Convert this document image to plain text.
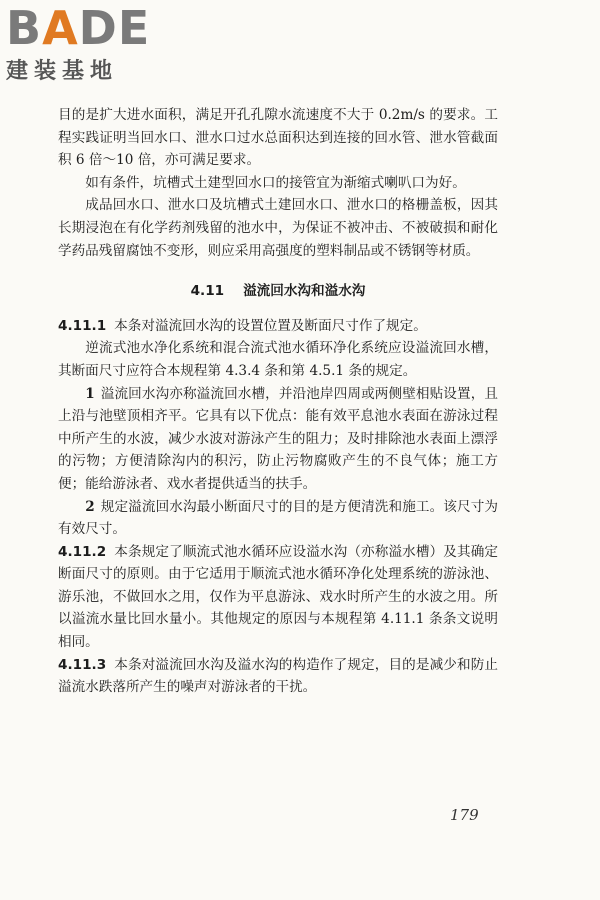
BADE
建装基地

目的是扩大进水面积，满足开孔孔隙水流速度不大于 0.2m/s 的要求。工程实践证明当回水口、泄水口过水总面积达到连接的回水管、泄水管截面积 6 倍～10 倍，亦可满足要求。

如有条件，坑槽式土建型回水口的接管宜为渐缩式喇叭口为好。

成品回水口、泄水口及坑槽式土建回水口、泄水口的格栅盖板，因其长期浸泡在有化学药剂残留的池水中，为保证不被冲击、不被破损和耐化学药品残留腐蚀不变形，则应采用高强度的塑料制品或不锈钢等材质。

4.11 溢流回水沟和溢水沟

4.11.1 本条对溢流回水沟的设置位置及断面尺寸作了规定。

逆流式池水净化系统和混合流式池水循环净化系统应设溢流回水槽，其断面尺寸应符合本规程第 4.3.4 条和第 4.5.1 条的规定。

1 溢流回水沟亦称溢流回水槽，并沿池岸四周或两侧壁相贴设置，且上沿与池壁顶相齐平。它具有以下优点：能有效平息池水表面在游泳过程中所产生的水波，减少水波对游泳产生的阻力；及时排除池水表面上漂浮的污物；方便清除沟内的积污，防止污物腐败产生的不良气体；施工方便；能给游泳者、戏水者提供适当的扶手。

2 规定溢流回水沟最小断面尺寸的目的是方便清洗和施工。该尺寸为有效尺寸。

4.11.2 本条规定了顺流式池水循环应设溢水沟（亦称溢水槽）及其确定断面尺寸的原则。由于它适用于顺流式池水循环净化处理系统的游泳池、游乐池，不做回水之用，仅作为平息游泳、戏水时所产生的水波之用。所以溢流水量比回水量小。其他规定的原因与本规程第 4.11.1 条条文说明相同。

4.11.3 本条对溢流回水沟及溢水沟的构造作了规定，目的是减少和防止溢流水跌落所产生的噪声对游泳者的干扰。

179
